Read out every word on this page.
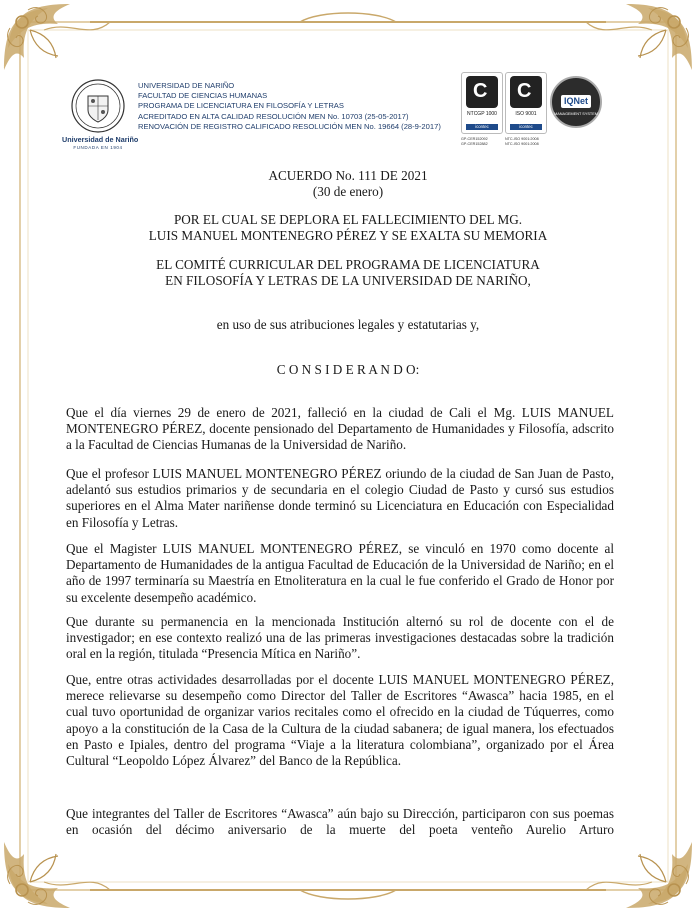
Universidad de Nariño
FUNDADA EN 1904
UNIVERSIDAD DE NARIÑO
FACULTAD DE CIENCIAS HUMANAS
PROGRAMA DE LICENCIATURA EN FILOSOFÍA Y LETRAS
ACREDITADO EN ALTA CALIDAD RESOLUCIÓN MEN No. 10703 (25-05-2017)
RENOVACIÓN DE REGISTRO CALIFICADO RESOLUCIÓN MEN No. 19664 (28-9-2017)
C
NTCGP 1000
icontec
GP-CER152092
GP-CER152882
C
ISO 9001
icontec
NTC-ISO 9001:2008
NTC-ISO 9001:2008
IQNet
MANAGEMENT SYSTEM
ACUERDO No. 111 DE 2021
(30 de enero)
POR EL CUAL SE DEPLORA EL FALLECIMIENTO DEL MG.
LUIS MANUEL MONTENEGRO PÉREZ Y SE EXALTA SU MEMORIA
EL COMITÉ CURRICULAR DEL PROGRAMA DE LICENCIATURA
EN FILOSOFÍA Y LETRAS DE LA UNIVERSIDAD DE NARIÑO,
en uso de sus atribuciones legales y estatutarias y,
C O N S I D E R A N D O:

Que el día viernes 29 de enero de 2021, falleció en la ciudad de Cali el Mg. LUIS MANUEL MONTENEGRO PÉREZ, docente pensionado del Departamento de Humanidades y Filosofía, adscrito a la Facultad de Ciencias Humanas de la Universidad de Nariño.

Que el profesor LUIS MANUEL MONTENEGRO PÉREZ oriundo de la ciudad de San Juan de Pasto, adelantó sus estudios primarios y de secundaria en el colegio Ciudad de Pasto y cursó sus estudios superiores en el Alma Mater nariñense donde terminó su Licenciatura en Educación con Especialidad en Filosofía y Letras.

Que el Magister LUIS MANUEL MONTENEGRO PÉREZ, se vinculó en 1970 como docente al Departamento de Humanidades de la antigua Facultad de Educación de la Universidad de Nariño; en el año de 1997 terminaría su Maestría en Etnoliteratura en la cual le fue conferido el Grado de Honor por su excelente desempeño académico.

Que durante su permanencia en la mencionada Institución alternó su rol de docente con el de investigador; en ese contexto realizó una de las primeras investigaciones destacadas sobre la tradición oral en la región, titulada “Presencia Mítica en Nariño”.

Que, entre otras actividades desarrolladas por el docente LUIS MANUEL MONTENEGRO PÉREZ, merece relievarse su desempeño como Director del Taller de Escritores “Awasca” hacia 1985, en el cual tuvo oportunidad de organizar varios recitales como el ofrecido en la ciudad de Túquerres, como apoyo a la constitución de la Casa de la Cultura de la ciudad sabanera; de igual manera, los efectuados en Pasto e Ipiales, dentro del programa “Viaje a la literatura colombiana”, organizado por el Área Cultural “Leopoldo López Álvarez” del Banco de la República.

Que integrantes del Taller de Escritores “Awasca” aún bajo su Dirección, participaron con sus poemas en ocasión del décimo aniversario de la muerte del poeta venteño Aurelio Arturo
